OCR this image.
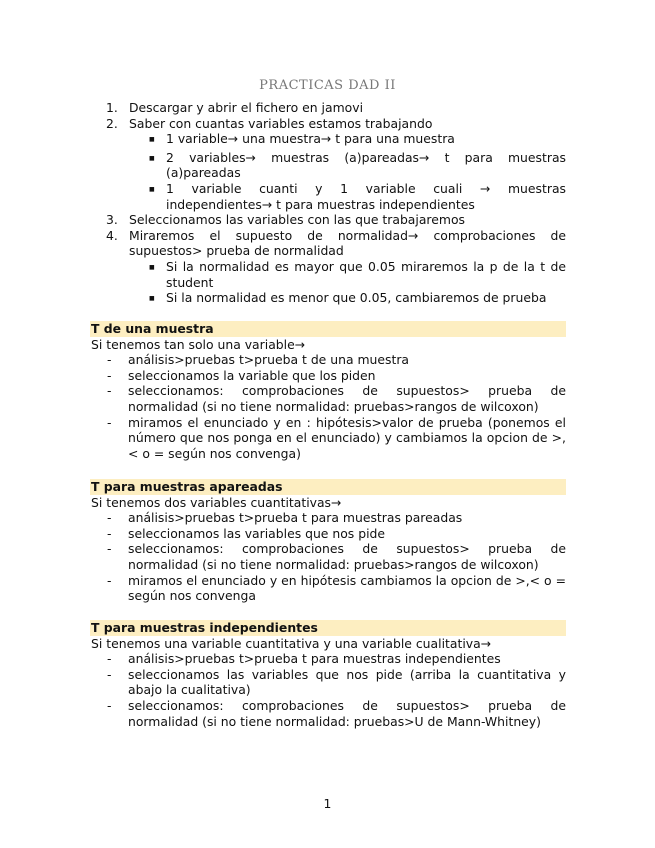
PRACTICAS DAD II
1. Descargar y abrir el fichero en jamovi
2. Saber con cuantas variables estamos trabajando
■
1 variable→ una muestra→ t para una muestra
■
2 variables→ muestras (a)pareadas→ t para muestras (a)pareadas
■
1 variable cuanti y 1 variable cuali → muestras independientes→ t para muestras independientes
3. Seleccionamos las variables con las que trabajaremos
4. Miraremos el supuesto de normalidad→ comprobaciones de supuestos> prueba de normalidad
■
Si la normalidad es mayor que 0.05 miraremos la p de la t de student
■
Si la normalidad es menor que 0.05, cambiaremos de prueba
T de una muestra
Si tenemos tan solo una variable→
-	análisis>pruebas t>prueba t de una muestra
-	seleccionamos la variable que los piden
-	seleccionamos: comprobaciones de supuestos> prueba de normalidad (si no tiene normalidad: pruebas>rangos de wilcoxon)
-	miramos el enunciado y en : hipótesis>valor de prueba (ponemos el número que nos ponga en el enunciado) y cambiamos la opcion de >,< o = según nos convenga)
T para muestras apareadas
Si tenemos dos variables cuantitativas→
-	análisis>pruebas t>prueba t para muestras pareadas
-	seleccionamos las variables que nos pide
-	seleccionamos: comprobaciones de supuestos> prueba de normalidad (si no tiene normalidad: pruebas>rangos de wilcoxon)
-	miramos el enunciado y en hipótesis cambiamos la opcion de >,< o = según nos convenga
T para muestras independientes
Si tenemos una variable cuantitativa y una variable cualitativa→
-	análisis>pruebas t>prueba t para muestras independientes
-	seleccionamos las variables que nos pide (arriba la cuantitativa y abajo la cualitativa)
-	seleccionamos: comprobaciones de supuestos> prueba de normalidad (si no tiene normalidad: pruebas>U de Mann-Whitney)
1
